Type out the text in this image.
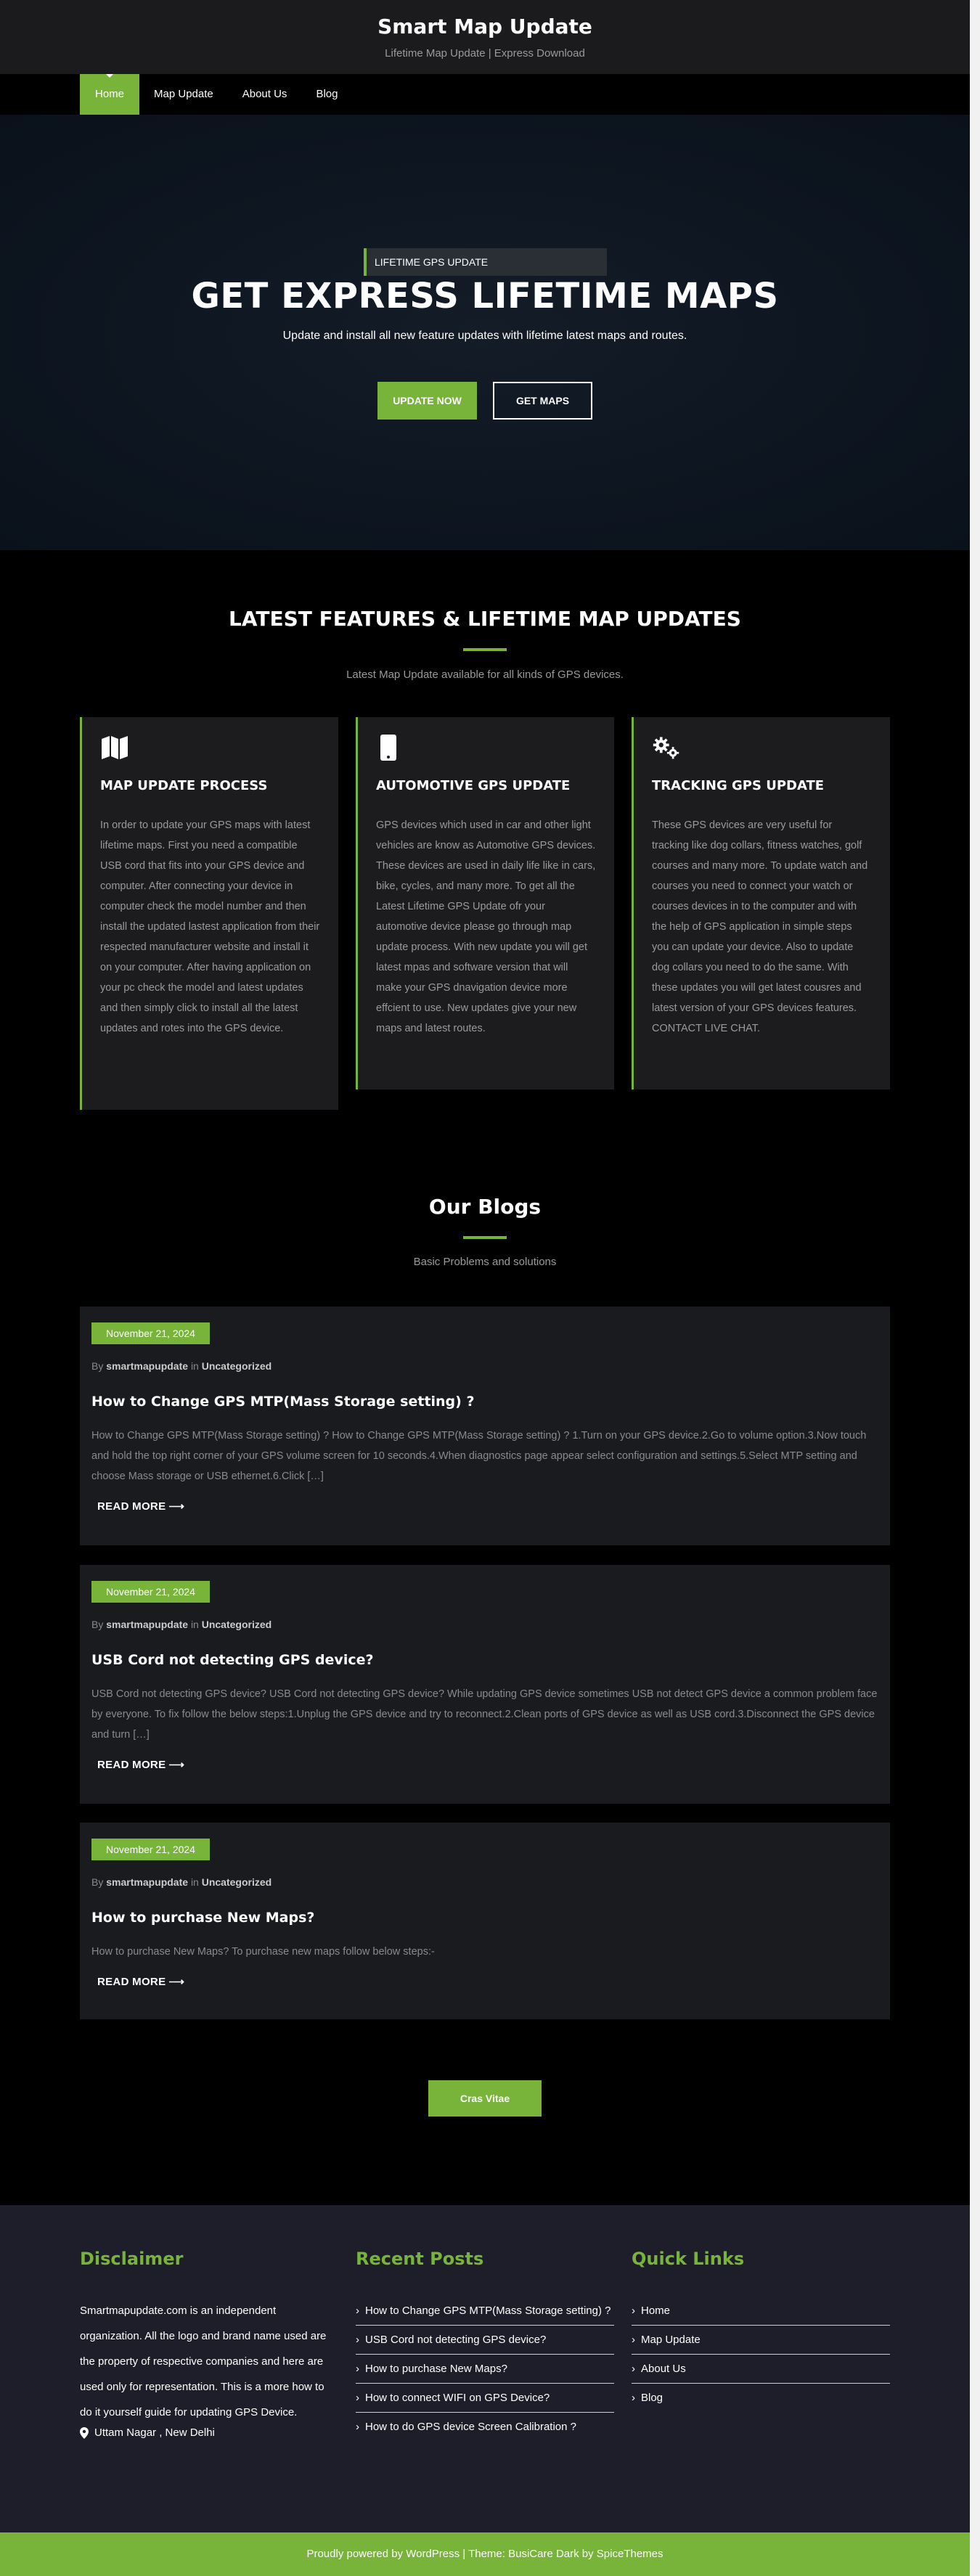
Smart Map Update
Lifetime Map Update | Express Download
Home	Map Update	About Us	Blog
LIFETIME GPS UPDATE
GET EXPRESS LIFETIME MAPS

Update and install all new feature updates with lifetime latest maps and routes.

UPDATE NOW	GET MAPS
LATEST FEATURES & LIFETIME MAP UPDATES

Latest Map Update available for all kinds of GPS devices.

MAP UPDATE PROCESS
In order to update your GPS maps with latest lifetime maps. First you need a compatible USB cord that fits into your GPS device and computer. After connecting your device in computer check the model number and then install the updated lastest application from their respected manufacturer website and install it on your computer. After having application on your pc check the model and latest updates and then simply click to install all the latest updates and rotes into the GPS device.
AUTOMOTIVE GPS UPDATE
GPS devices which used in car and other light vehicles are know as Automotive GPS devices. These devices are used in daily life like in cars, bike, cycles, and many more. To get all the Latest Lifetime GPS Update ofr your automotive device please go through map update process. With new update you will get latest mpas and software version that will make your GPS dnavigation device more effcient to use. New updates give your new maps and latest routes.
TRACKING GPS UPDATE
These GPS devices are very useful for tracking like dog collars, fitness watches, golf courses and many more. To update watch and courses you need to connect your watch or courses devices in to the computer and with the help of GPS application in simple steps you can update your device. Also to update dog collars you need to do the same. With these updates you will get latest cousres and latest version of your GPS devices features. CONTACT LIVE CHAT.
Our Blogs

Basic Problems and solutions

November 21, 2024
By smartmapupdate in Uncategorized
How to Change GPS MTP(Mass Storage setting) ?
How to Change GPS MTP(Mass Storage setting) ? How to Change GPS MTP(Mass Storage setting) ? 1.Turn on your GPS device.2.Go to volume option.3.Now touch and hold the top right corner of your GPS volume screen for 10 seconds.4.When diagnostics page appear select configuration and settings.5.Select MTP setting and choose Mass storage or USB ethernet.6.Click […]
READ MORE ⟶
November 21, 2024
By smartmapupdate in Uncategorized
USB Cord not detecting GPS device?
USB Cord not detecting GPS device? USB Cord not detecting GPS device? While updating GPS device sometimes USB not detect GPS device a common problem face by everyone. To fix follow the below steps:1.Unplug the GPS device and try to reconnect.2.Clean ports of GPS device as well as USB cord.3.Disconnect the GPS device and turn […]
READ MORE ⟶
November 21, 2024
By smartmapupdate in Uncategorized
How to purchase New Maps?
How to purchase New Maps? To purchase new maps follow below steps:-
READ MORE ⟶
Cras Vitae
Disclaimer

Smartmapupdate.com is an independent organization. All the logo and brand name used are the property of respective companies and here are used only for representation. This is a more how to do it yourself guide for updating GPS Device.

Uttam Nagar , New Delhi
Recent Posts
› How to Change GPS MTP(Mass Storage setting) ?
› USB Cord not detecting GPS device?
› How to purchase New Maps?
› How to connect WIFI on GPS Device?
› How to do GPS device Screen Calibration ?
Quick Links
› Home
› Map Update
› About Us
› Blog
Proudly powered by WordPress | Theme: BusiCare Dark by SpiceThemes
